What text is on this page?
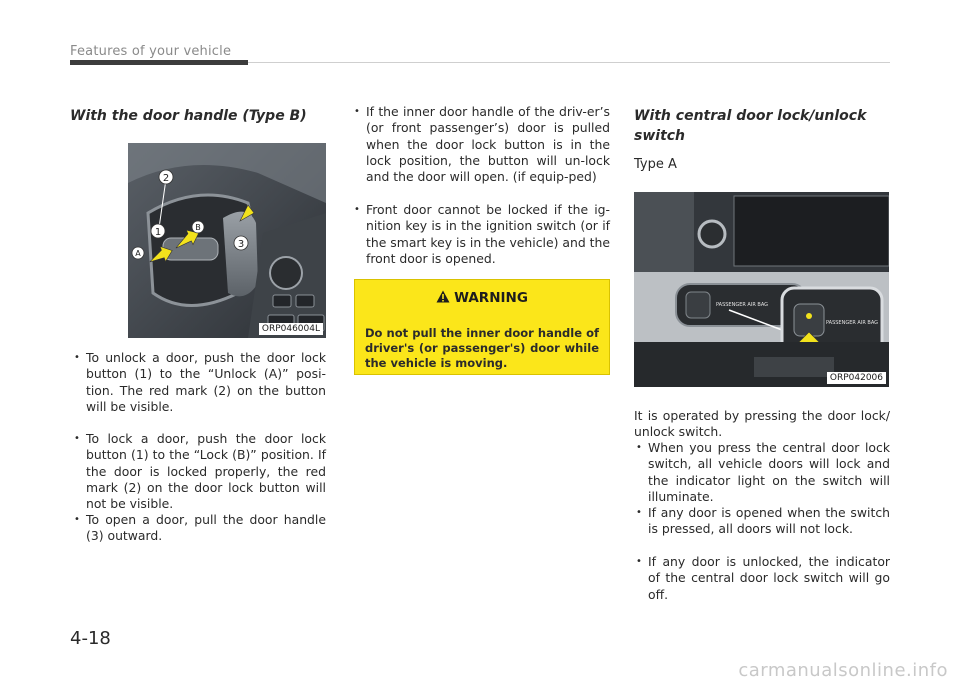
Features of your vehicle
With the door handle (Type B)
2
1
A
B
3
ORP046004L

• To unlock a door, push the door lock button (1) to the “Unlock (A)” posi-tion. The red mark (2) on the button will be visible.

• To lock a door, push the door lock button (1) to the “Lock (B)” position. If the door is locked properly, the red mark (2) on the door lock button will not be visible.

• To open a door, pull the door handle (3) outward.

• If the inner door handle of the driv-er’s (or front passenger’s) door is pulled when the door lock button is in the lock position, the button will un-lock and the door will open. (if equip-ped)

• Front door cannot be locked if the ig-nition key is in the ignition switch (or if the smart key is in the vehicle) and the front door is opened.

WARNING
Do not pull the inner door handle of driver's (or passenger's) door while the vehicle is moving.
With central door lock/unlock switch
Type A
PASSENGER AIR BAG
PASSENGER AIR BAG
ORP042006
It is operated by pressing the door lock/ unlock switch.

• When you press the central door lock switch, all vehicle doors will lock and the indicator light on the switch will illuminate.

• If any door is opened when the switch is pressed, all doors will not lock.

• If any door is unlocked, the indicator of the central door lock switch will go off.

4-18
carmanualsonline.info
